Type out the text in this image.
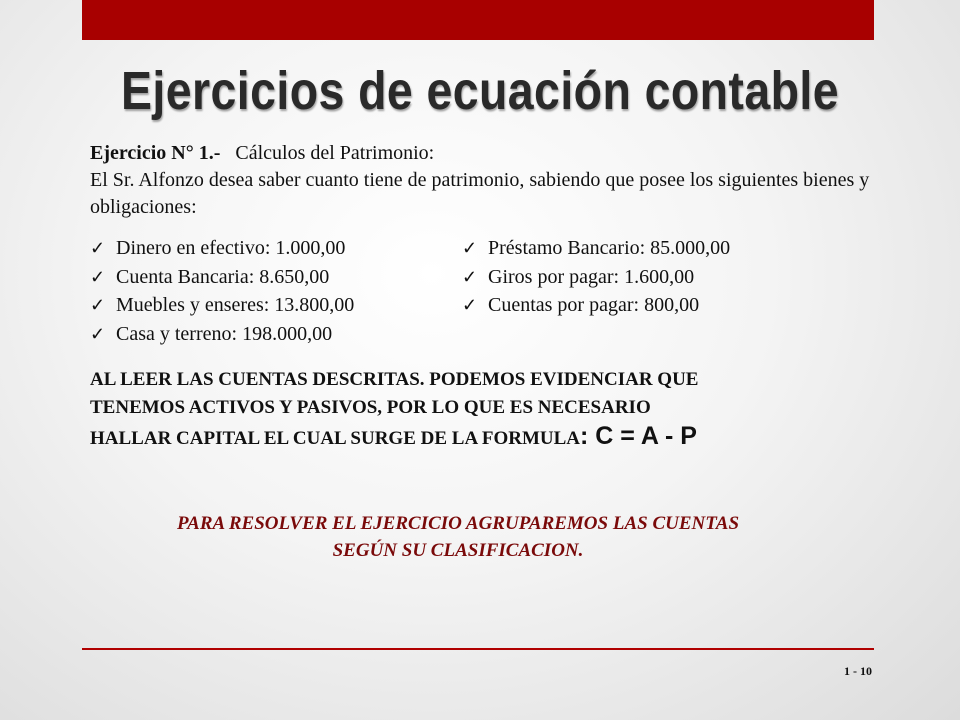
Ejercicios de ecuación contable
Ejercicio N° 1.- Cálculos del Patrimonio:
El Sr. Alfonzo desea saber cuanto tiene de patrimonio, sabiendo que posee los siguientes bienes y obligaciones:
✓ Dinero en efectivo: 1.000,00
✓ Cuenta Bancaria: 8.650,00
✓ Muebles y enseres: 13.800,00
✓ Casa y terreno: 198.000,00
✓ Préstamo Bancario: 85.000,00
✓ Giros por pagar: 1.600,00
✓ Cuentas por pagar: 800,00
AL LEER LAS CUENTAS DESCRITAS. PODEMOS EVIDENCIAR QUE
TENEMOS ACTIVOS Y PASIVOS, POR LO QUE ES NECESARIO
HALLAR CAPITAL EL CUAL SURGE DE LA FORMULA: C = A - P
PARA RESOLVER EL EJERCICIO AGRUPAREMOS LAS CUENTAS
SEGÚN SU CLASIFICACION.
1 - 10
